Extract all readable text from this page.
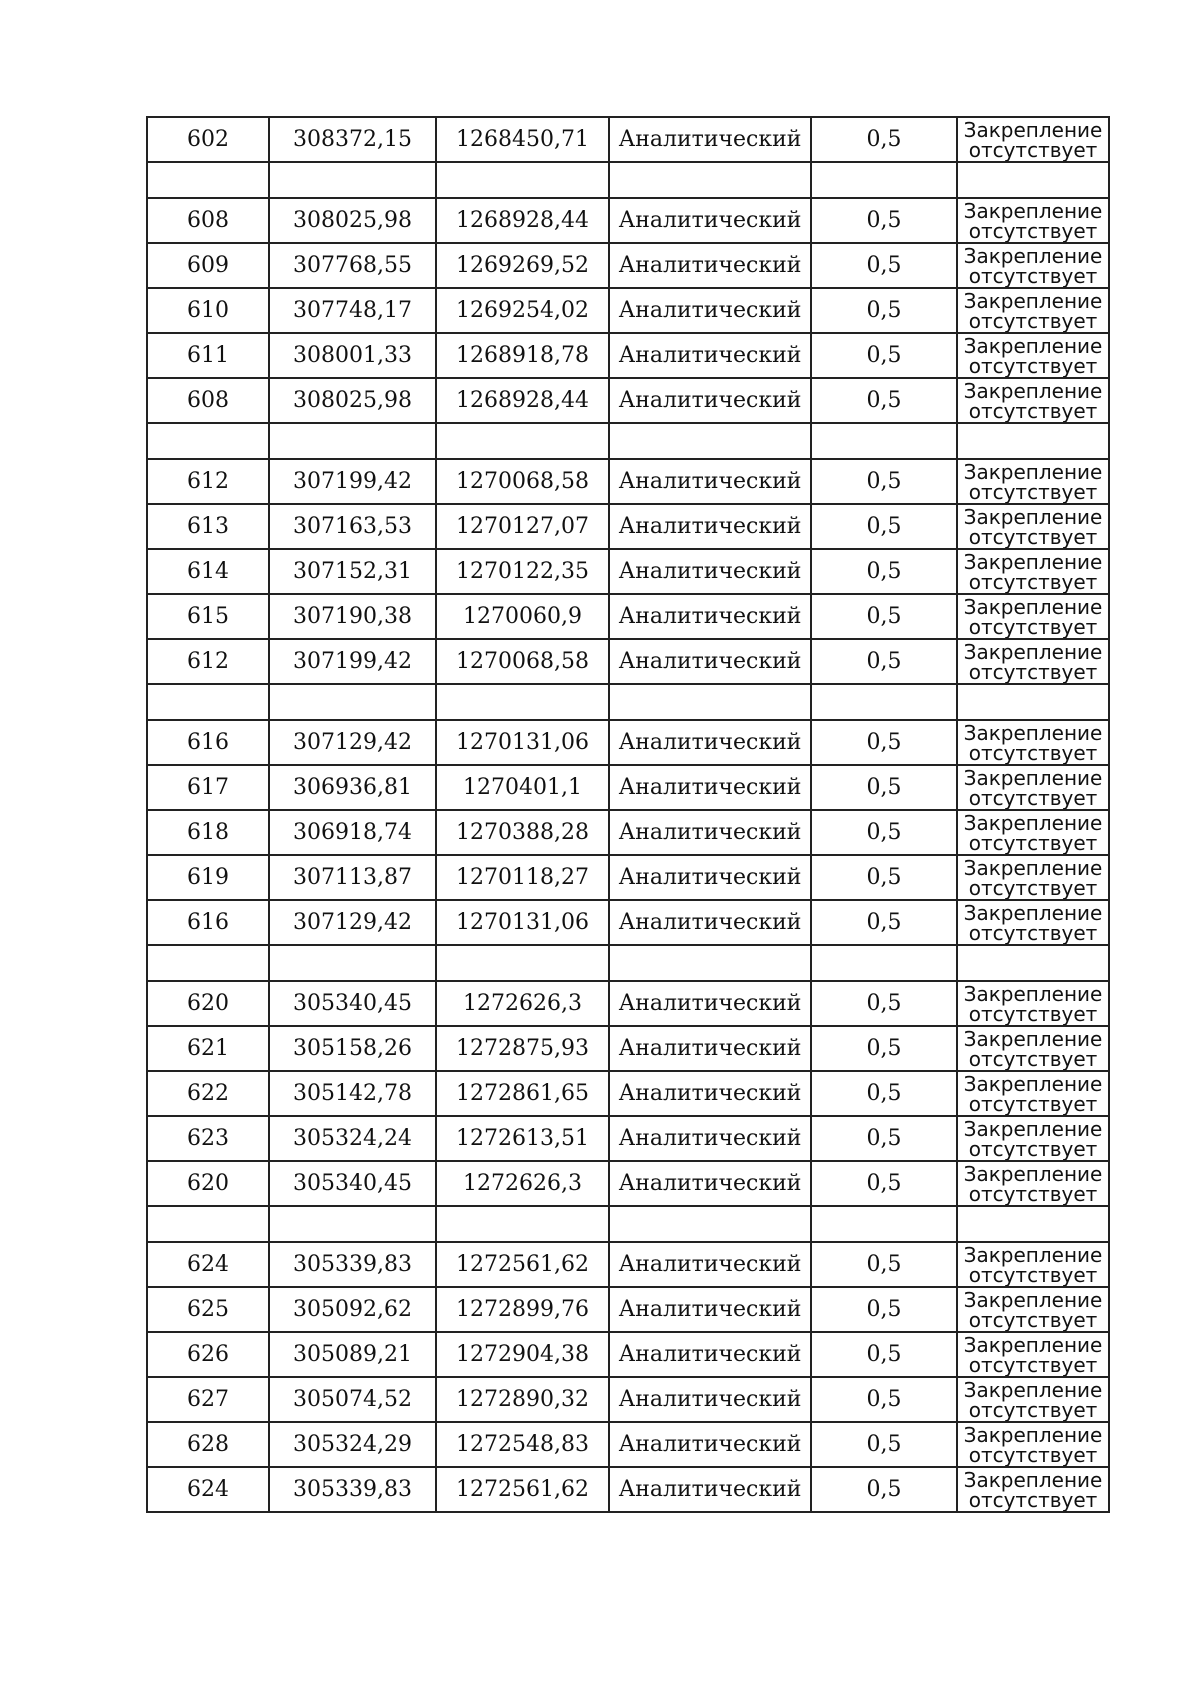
602	308372,15	1268450,71	Аналитический	0,5	Закрепление
отсутствует

608	308025,98	1268928,44	Аналитический	0,5	Закрепление
отсутствует

609	307768,55	1269269,52	Аналитический	0,5	Закрепление
отсутствует

610	307748,17	1269254,02	Аналитический	0,5	Закрепление
отсутствует

611	308001,33	1268918,78	Аналитический	0,5	Закрепление
отсутствует

608	308025,98	1268928,44	Аналитический	0,5	Закрепление
отсутствует

612	307199,42	1270068,58	Аналитический	0,5	Закрепление
отсутствует

613	307163,53	1270127,07	Аналитический	0,5	Закрепление
отсутствует

614	307152,31	1270122,35	Аналитический	0,5	Закрепление
отсутствует

615	307190,38	1270060,9	Аналитический	0,5	Закрепление
отсутствует

612	307199,42	1270068,58	Аналитический	0,5	Закрепление
отсутствует

616	307129,42	1270131,06	Аналитический	0,5	Закрепление
отсутствует

617	306936,81	1270401,1	Аналитический	0,5	Закрепление
отсутствует

618	306918,74	1270388,28	Аналитический	0,5	Закрепление
отсутствует

619	307113,87	1270118,27	Аналитический	0,5	Закрепление
отсутствует

616	307129,42	1270131,06	Аналитический	0,5	Закрепление
отсутствует

620	305340,45	1272626,3	Аналитический	0,5	Закрепление
отсутствует

621	305158,26	1272875,93	Аналитический	0,5	Закрепление
отсутствует

622	305142,78	1272861,65	Аналитический	0,5	Закрепление
отсутствует

623	305324,24	1272613,51	Аналитический	0,5	Закрепление
отсутствует

620	305340,45	1272626,3	Аналитический	0,5	Закрепление
отсутствует

624	305339,83	1272561,62	Аналитический	0,5	Закрепление
отсутствует

625	305092,62	1272899,76	Аналитический	0,5	Закрепление
отсутствует

626	305089,21	1272904,38	Аналитический	0,5	Закрепление
отсутствует

627	305074,52	1272890,32	Аналитический	0,5	Закрепление
отсутствует

628	305324,29	1272548,83	Аналитический	0,5	Закрепление
отсутствует

624	305339,83	1272561,62	Аналитический	0,5	Закрепление
отсутствует
